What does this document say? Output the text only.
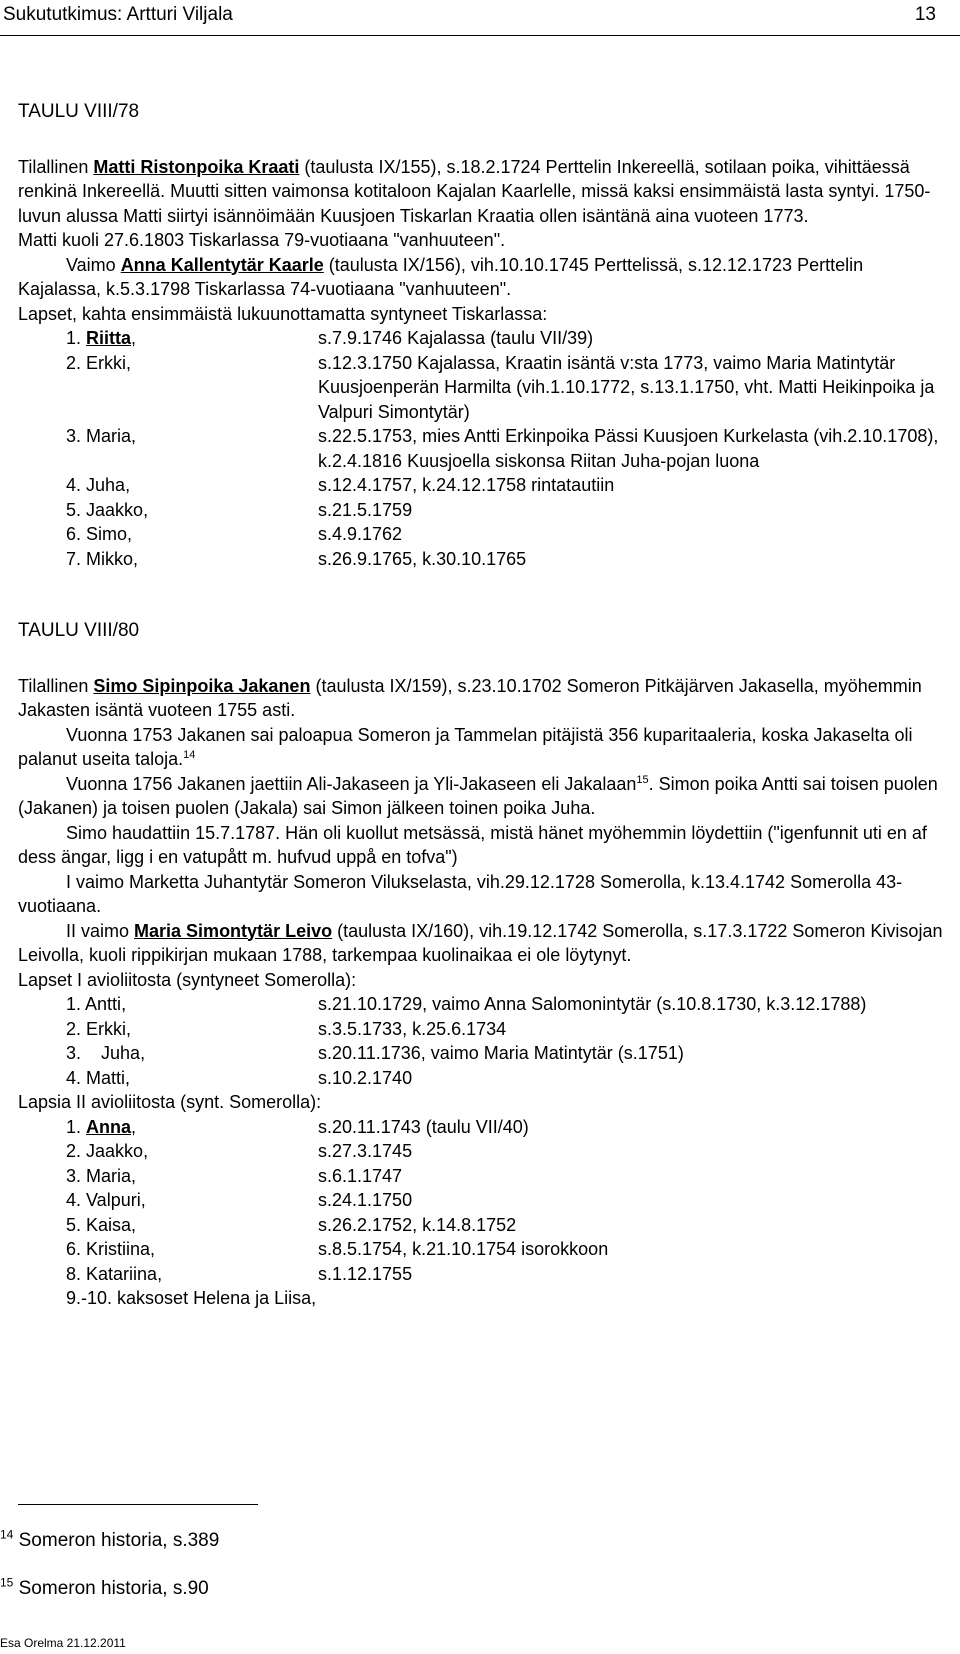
Sukututkimus: Artturi Viljala	13

TAULU VIII/78

Tilallinen Matti Ristonpoika Kraati (taulusta IX/155), s.18.2.1724 Perttelin Inkereellä, sotilaan poika, vihittäessä renkinä Inkereellä. Muutti sitten vaimonsa kotitaloon Kajalan Kaarlelle, missä kaksi ensimmäistä lasta syntyi. 1750-luvun alussa Matti siirtyi isännöimään Kuusjoen Tiskarlan Kraatia ollen isäntänä aina vuoteen 1773.

Matti kuoli 27.6.1803 Tiskarlassa 79-vuotiaana "vanhuuteen".

Vaimo Anna Kallentytär Kaarle (taulusta IX/156), vih.10.10.1745 Perttelissä, s.12.12.1723 Perttelin Kajalassa, k.5.3.1798 Tiskarlassa 74-vuotiaana "vanhuuteen".

Lapset, kahta ensimmäistä lukuunottamatta syntyneet Tiskarlassa:

1. Riitta,	s.7.9.1746 Kajalassa (taulu VII/39)
2. Erkki,	s.12.3.1750 Kajalassa, Kraatin isäntä v:sta 1773, vaimo Maria Matintytär Kuusjoenperän Harmilta (vih.1.10.1772, s.13.1.1750, vht. Matti Heikinpoika ja Valpuri Simontytär)
3. Maria,	s.22.5.1753, mies Antti Erkinpoika Pässi Kuusjoen Kurkelasta (vih.2.10.1708), k.2.4.1816 Kuusjoella siskonsa Riitan Juha-pojan luona
4. Juha,	s.12.4.1757, k.24.12.1758 rintatautiin
5. Jaakko,	s.21.5.1759
6. Simo,	s.4.9.1762
7. Mikko,	s.26.9.1765, k.30.10.1765

TAULU VIII/80

Tilallinen Simo Sipinpoika Jakanen (taulusta IX/159), s.23.10.1702 Someron Pitkäjärven Jakasella, myöhemmin Jakasten isäntä vuoteen 1755 asti.

Vuonna 1753 Jakanen sai paloapua Someron ja Tammelan pitäjistä 356 kuparitaaleria, koska Jakaselta oli palanut useita taloja.$^{14}$

Vuonna 1756 Jakanen jaettiin Ali-Jakaseen ja Yli-Jakaseen eli Jakalaan$^{15}$. Simon poika Antti sai toisen puolen (Jakanen) ja toisen puolen (Jakala) sai Simon jälkeen toinen poika Juha.

Simo haudattiin 15.7.1787. Hän oli kuollut metsässä, mistä hänet myöhemmin löydettiin ("igenfunnit uti en af dess ängar, ligg i en vatupått m. hufvud uppå en tofva")

I vaimo Marketta Juhantytär Someron Vilukselasta, vih.29.12.1728 Somerolla, k.13.4.1742 Somerolla 43-vuotiaana.

II vaimo Maria Simontytär Leivo (taulusta IX/160), vih.19.12.1742 Somerolla, s.17.3.1722 Someron Kivisojan Leivolla, kuoli rippikirjan mukaan 1788, tarkempaa kuolinaikaa ei ole löytynyt.

Lapset I avioliitosta (syntyneet Somerolla):

1. Antti,	s.21.10.1729, vaimo Anna Salomonintytär (s.10.8.1730, k.3.12.1788)
2. Erkki,	s.3.5.1733, k.25.6.1734
3.    Juha,	s.20.11.1736, vaimo Maria Matintytär (s.1751)
4. Matti,	s.10.2.1740

Lapsia II avioliitosta (synt. Somerolla):

1. Anna,	s.20.11.1743 (taulu VII/40)
2. Jaakko,	s.27.3.1745
3. Maria,	s.6.1.1747
4. Valpuri,	s.24.1.1750
5. Kaisa,	s.26.2.1752, k.14.8.1752
6. Kristiina,	s.8.5.1754, k.21.10.1754 isorokkoon
8. Katariina,	s.1.12.1755
9.-10. kaksoset Helena ja Liisa,
$^{14}$ Someron historia, s.389
$^{15}$ Someron historia, s.90
Esa Orelma 21.12.2011
